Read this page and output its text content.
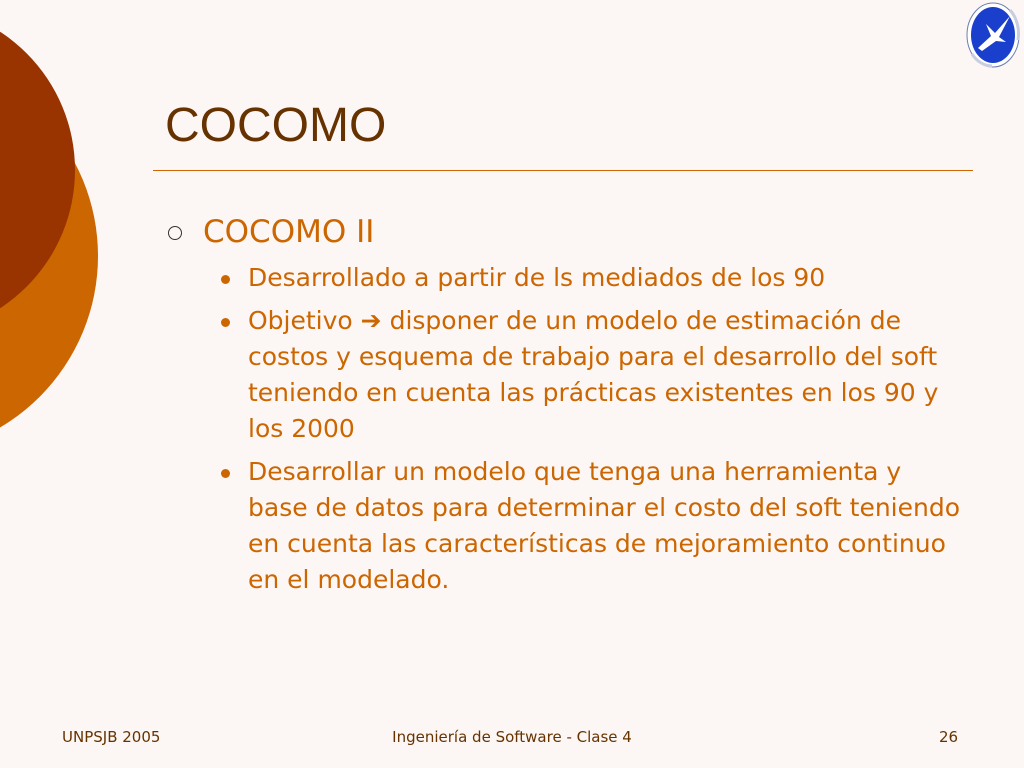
COCOMO
COCOMO II
Desarrollado a partir de ls mediados de los 90
Objetivo ➔ disponer de un modelo de estimación de costos y esquema de trabajo para el desarrollo del soft teniendo en cuenta las prácticas existentes en los 90 y los 2000
Desarrollar un modelo que tenga una herramienta y base de datos para determinar el costo del soft teniendo en cuenta las características de mejoramiento continuo en el modelado.
UNPSJB 2005	Ingeniería de Software - Clase 4	26
